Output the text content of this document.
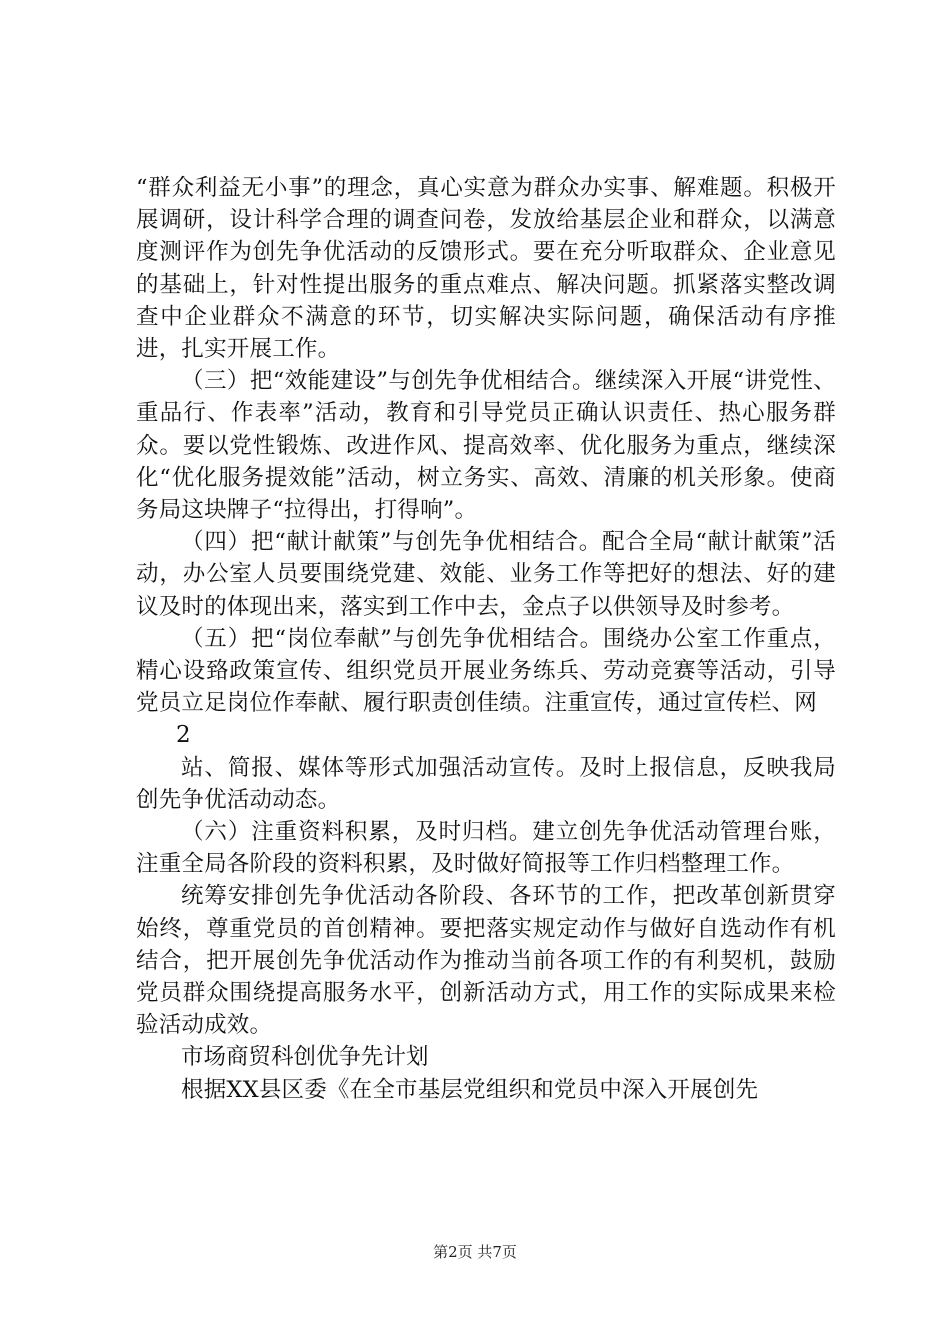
“群众利益无小事”的理念，真心实意为群众办实事、解难题。积极开展调研，设计科学合理的调查问卷，发放给基层企业和群众，以满意度测评作为创先争优活动的反馈形式。要在充分听取群众、企业意见的基础上，针对性提出服务的重点难点、解决问题。抓紧落实整改调查中企业群众不满意的环节，切实解决实际问题，确保活动有序推进，扎实开展工作。

（三）把“效能建设”与创先争优相结合。继续深入开展“讲党性、重品行、作表率”活动，教育和引导党员正确认识责任、热心服务群众。要以党性锻炼、改进作风、提高效率、优化服务为重点，继续深化“优化服务提效能”活动，树立务实、高效、清廉的机关形象。使商务局这块牌子“拉得出，打得响”。

（四）把“献计献策”与创先争优相结合。配合全局“献计献策”活动，办公室人员要围绕党建、效能、业务工作等把好的想法、好的建议及时的体现出来，落实到工作中去，金点子以供领导及时参考。

（五）把“岗位奉献”与创先争优相结合。围绕办公室工作重点，精心设臵政策宣传、组织党员开展业务练兵、劳动竞赛等活动，引导党员立足岗位作奉献、履行职责创佳绩。注重宣传，通过宣传栏、网

2

站、简报、媒体等形式加强活动宣传。及时上报信息，反映我局创先争优活动动态。

（六）注重资料积累，及时归档。建立创先争优活动管理台账，注重全局各阶段的资料积累，及时做好简报等工作归档整理工作。

统筹安排创先争优活动各阶段、各环节的工作，把改革创新贯穿始终，尊重党员的首创精神。要把落实规定动作与做好自选动作有机结合，把开展创先争优活动作为推动当前各项工作的有利契机，鼓励党员群众围绕提高服务水平，创新活动方式，用工作的实际成果来检验活动成效。

市场商贸科创优争先计划

根据XX县区委《在全市基层党组织和党员中深入开展创先

第2页 共7页
